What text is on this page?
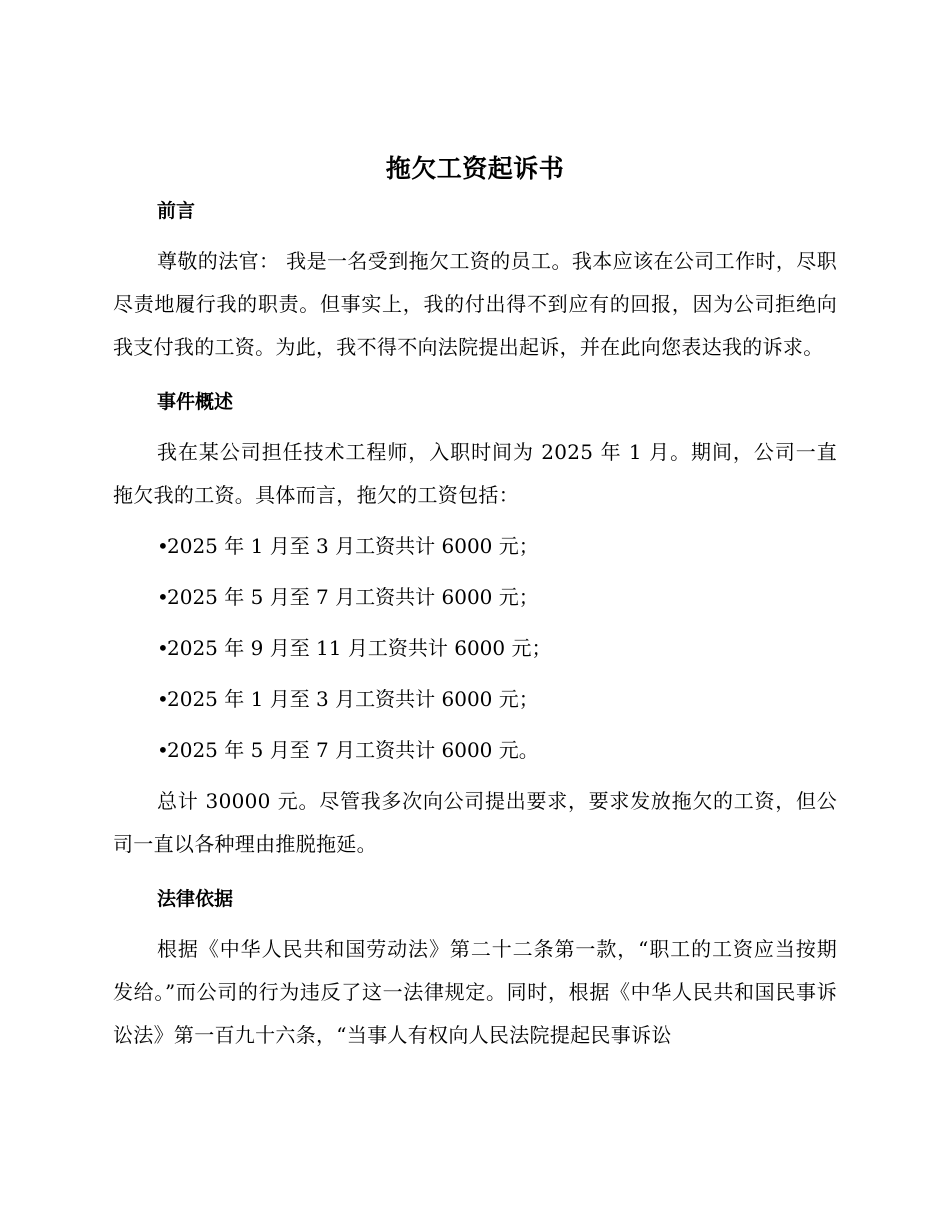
拖欠工资起诉书
前言

尊敬的法官： 我是一名受到拖欠工资的员工。我本应该在公司工作时，尽职尽责地履行我的职责。但事实上，我的付出得不到应有的回报，因为公司拒绝向我支付我的工资。为此，我不得不向法院提出起诉，并在此向您表达我的诉求。

事件概述

我在某公司担任技术工程师，入职时间为 2025 年 1 月。期间，公司一直拖欠我的工资。具体而言，拖欠的工资包括：

•2025 年 1 月至 3 月工资共计 6000 元；
•2025 年 5 月至 7 月工资共计 6000 元；
•2025 年 9 月至 11 月工资共计 6000 元；
•2025 年 1 月至 3 月工资共计 6000 元；
•2025 年 5 月至 7 月工资共计 6000 元。

总计 30000 元。尽管我多次向公司提出要求，要求发放拖欠的工资，但公司一直以各种理由推脱拖延。

法律依据

根据《中华人民共和国劳动法》第二十二条第一款，“职工的工资应当按期发给。”而公司的行为违反了这一法律规定。同时，根据《中华人民共和国民事诉讼法》第一百九十六条，“当事人有权向人民法院提起民事诉讼
